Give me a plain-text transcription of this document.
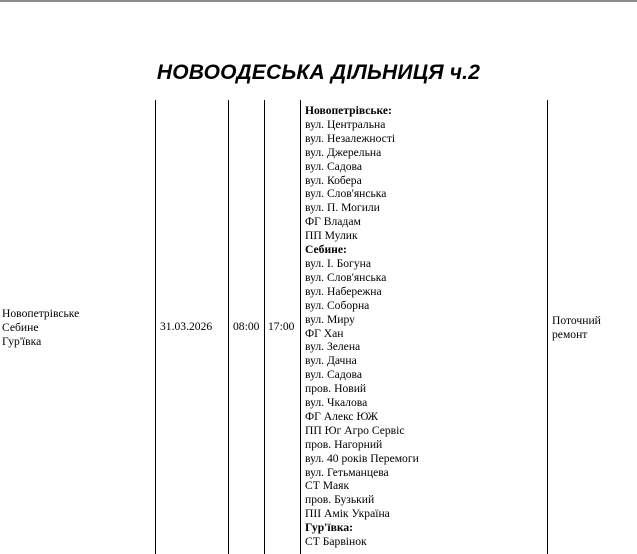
НОВООДЕСЬКА ДІЛЬНИЦЯ ч.2
Новопетрівське
Себине
Гур'ївка
31.03.2026 08:00 17:00
Новопетрівське:
вул. Центральна
вул. Незалежності
вул. Джерельна
вул. Садова
вул. Кобера
вул. Слов'янська
вул. П. Могили
ФГ Владам
ПП Мулик
Себине:
вул. І. Богуна
вул. Слов'янська
вул. Набережна
вул. Соборна
вул. Миру
ФГ Хан
вул. Зелена
вул. Дачна
вул. Садова
пров. Новий
вул. Чкалова
ФГ Алекс ЮЖ
ПП Юг Агро Сервіс
пров. Нагорний
вул. 40 років Перемоги
вул. Гетьманцева
СТ Маяк
пров. Бузький
ПІІ Амік Україна
Гур'ївка:
СТ Барвінок
Поточний
ремонт
